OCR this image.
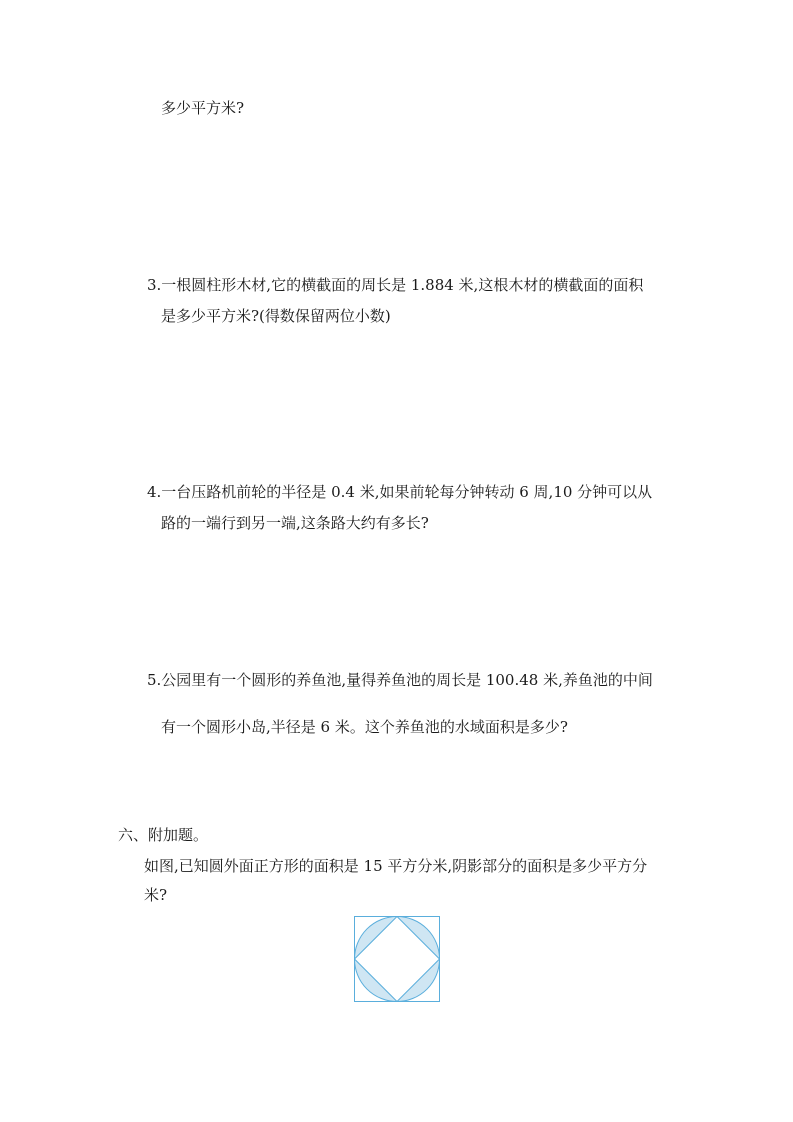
多少平方米?
3.一根圆柱形木材,它的横截面的周长是 1.884 米,这根木材的横截面的面积
是多少平方米?(得数保留两位小数)
4.一台压路机前轮的半径是 0.4 米,如果前轮每分钟转动 6 周,10 分钟可以从
路的一端行到另一端,这条路大约有多长?
5.公园里有一个圆形的养鱼池,量得养鱼池的周长是 100.48 米,养鱼池的中间
有一个圆形小岛,半径是 6 米。这个养鱼池的水域面积是多少?
六、附加题。
如图,已知圆外面正方形的面积是 15 平方分米,阴影部分的面积是多少平方分
米?
